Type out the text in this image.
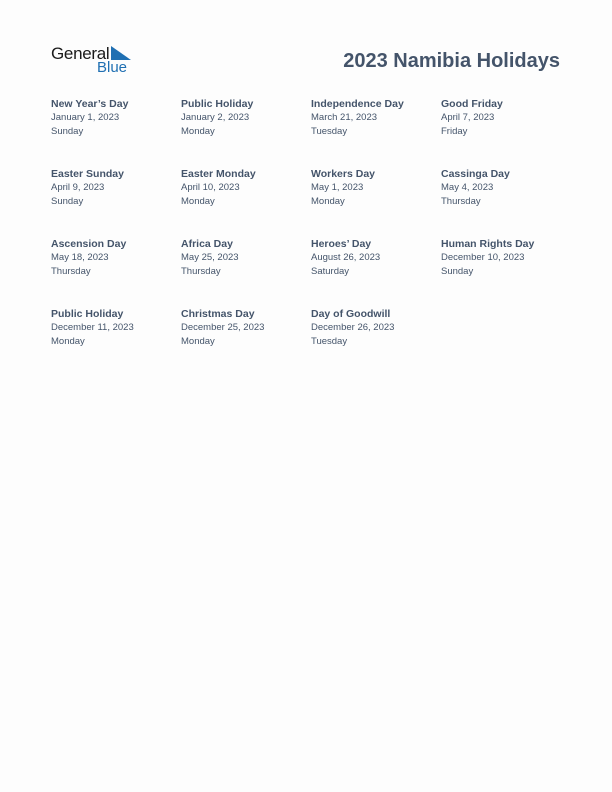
General
Blue	2023 Namibia Holidays
New Year’s Day
January 1, 2023
Sunday
Public Holiday
January 2, 2023
Monday
Independence Day
March 21, 2023
Tuesday
Good Friday
April 7, 2023
Friday
Easter Sunday
April 9, 2023
Sunday
Easter Monday
April 10, 2023
Monday
Workers Day
May 1, 2023
Monday
Cassinga Day
May 4, 2023
Thursday
Ascension Day
May 18, 2023
Thursday
Africa Day
May 25, 2023
Thursday
Heroes’ Day
August 26, 2023
Saturday
Human Rights Day
December 10, 2023
Sunday
Public Holiday
December 11, 2023
Monday
Christmas Day
December 25, 2023
Monday
Day of Goodwill
December 26, 2023
Tuesday
